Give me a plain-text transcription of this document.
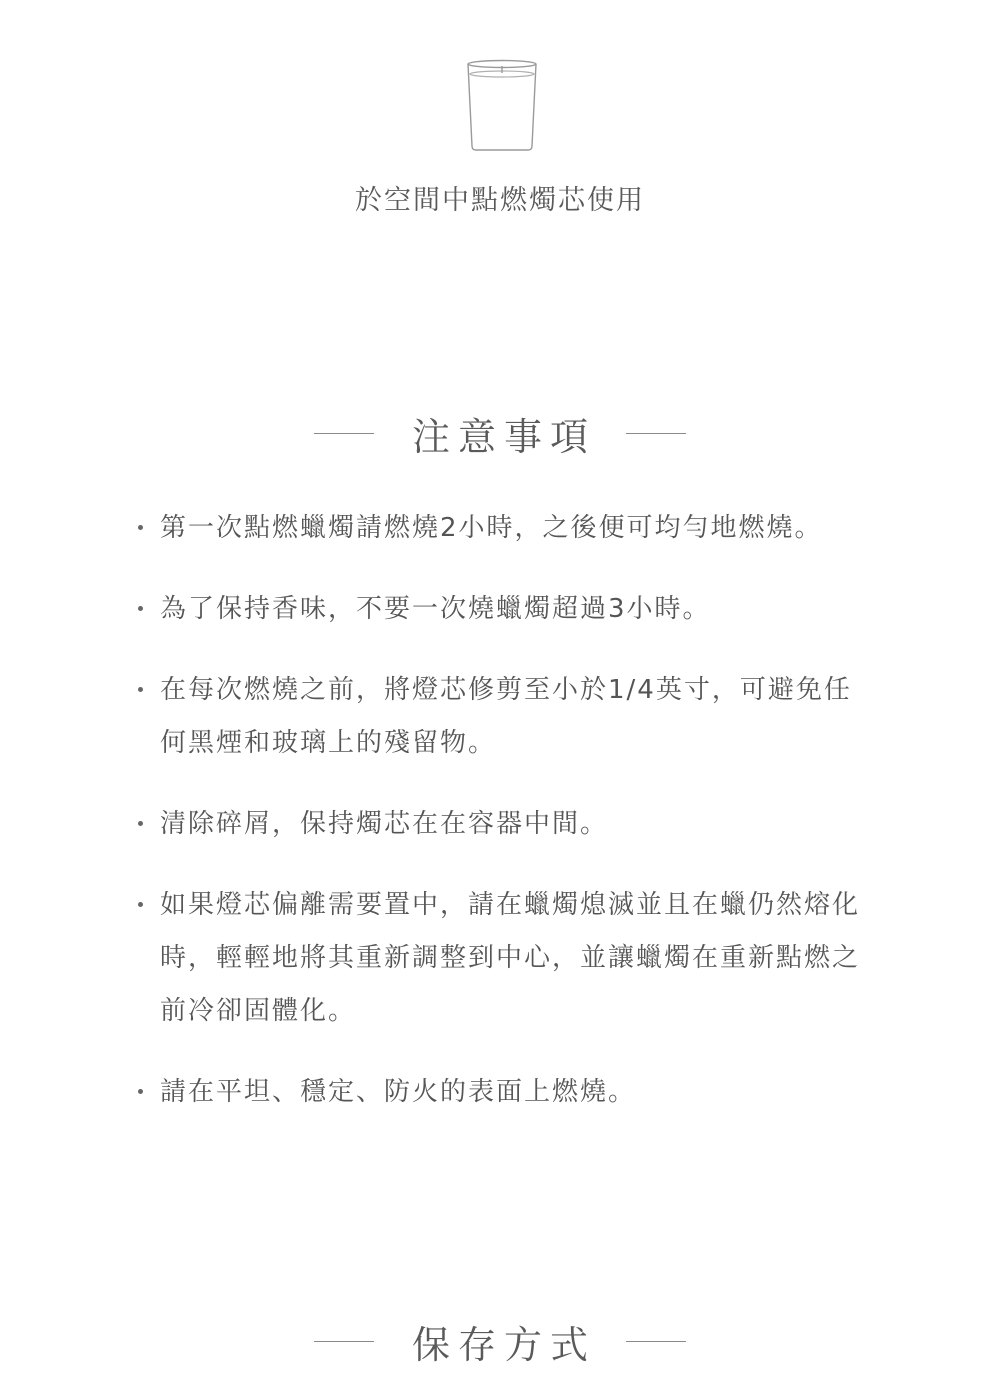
於空間中點燃燭芯使用
注意事項
第一次點燃蠟燭請燃燒2小時，之後便可均勻地燃燒。
為了保持香味，不要一次燒蠟燭超過3小時。
在每次燃燒之前，將燈芯修剪至小於1/4英寸，可避免任何黑煙和玻璃上的殘留物。
清除碎屑，保持燭芯在在容器中間。
如果燈芯偏離需要置中，請在蠟燭熄滅並且在蠟仍然熔化時，輕輕地將其重新調整到中心，並讓蠟燭在重新點燃之前冷卻固體化。
請在平坦、穩定、防火的表面上燃燒。
保存方式
